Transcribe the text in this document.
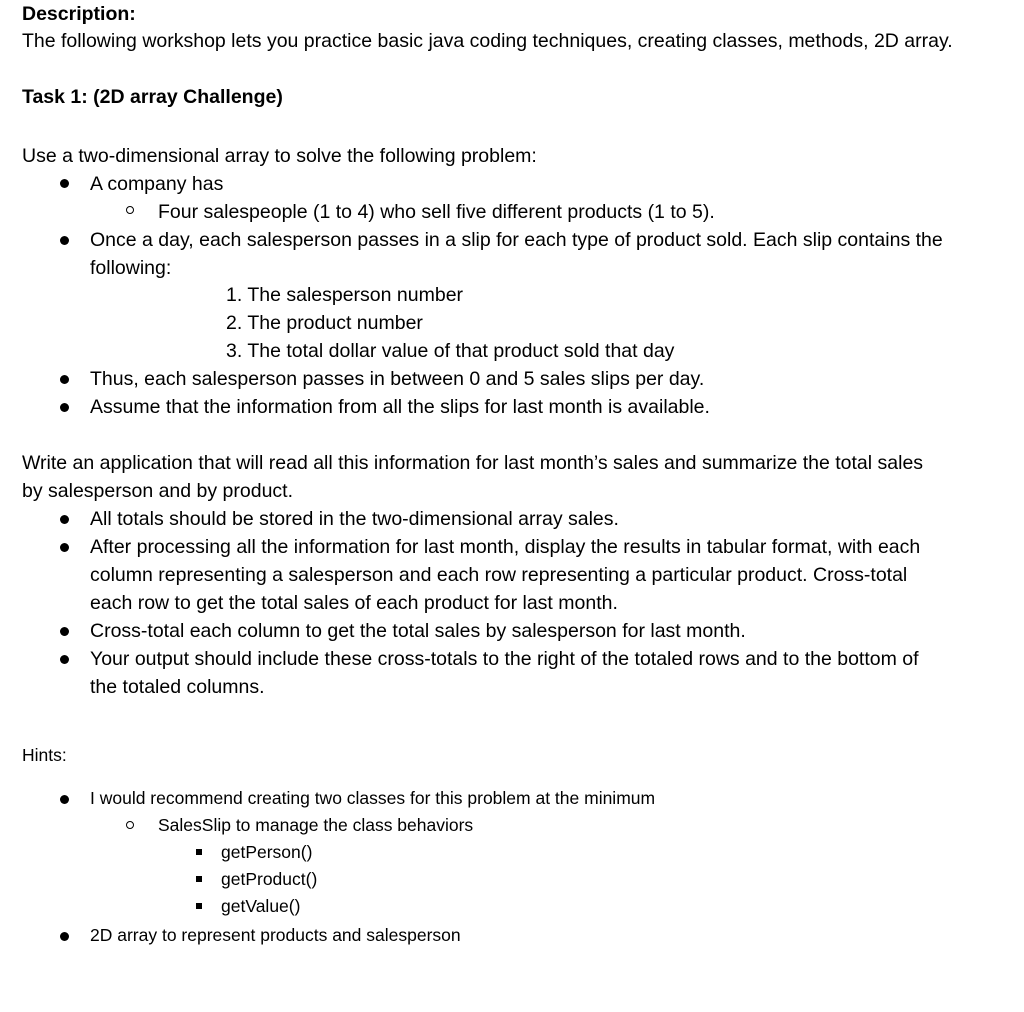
Description:
The following workshop lets you practice basic java coding techniques, creating classes, methods, 2D array.
Task 1: (2D array Challenge)
Use a two-dimensional array to solve the following problem:
A company has
Four salespeople (1 to 4) who sell five different products (1 to 5).
Once a day, each salesperson passes in a slip for each type of product sold. Each slip contains the
following:
1. The salesperson number
2. The product number
3. The total dollar value of that product sold that day
Thus, each salesperson passes in between 0 and 5 sales slips per day.
Assume that the information from all the slips for last month is available.
Write an application that will read all this information for last month’s sales and summarize the total sales
by salesperson and by product.
All totals should be stored in the two-dimensional array sales.
After processing all the information for last month, display the results in tabular format, with each
column representing a salesperson and each row representing a particular product. Cross-total
each row to get the total sales of each product for last month.
Cross-total each column to get the total sales by salesperson for last month.
Your output should include these cross-totals to the right of the totaled rows and to the bottom of
the totaled columns.
Hints:
I would recommend creating two classes for this problem at the minimum
SalesSlip to manage the class behaviors
getPerson()
getProduct()
getValue()
2D array to represent products and salesperson
